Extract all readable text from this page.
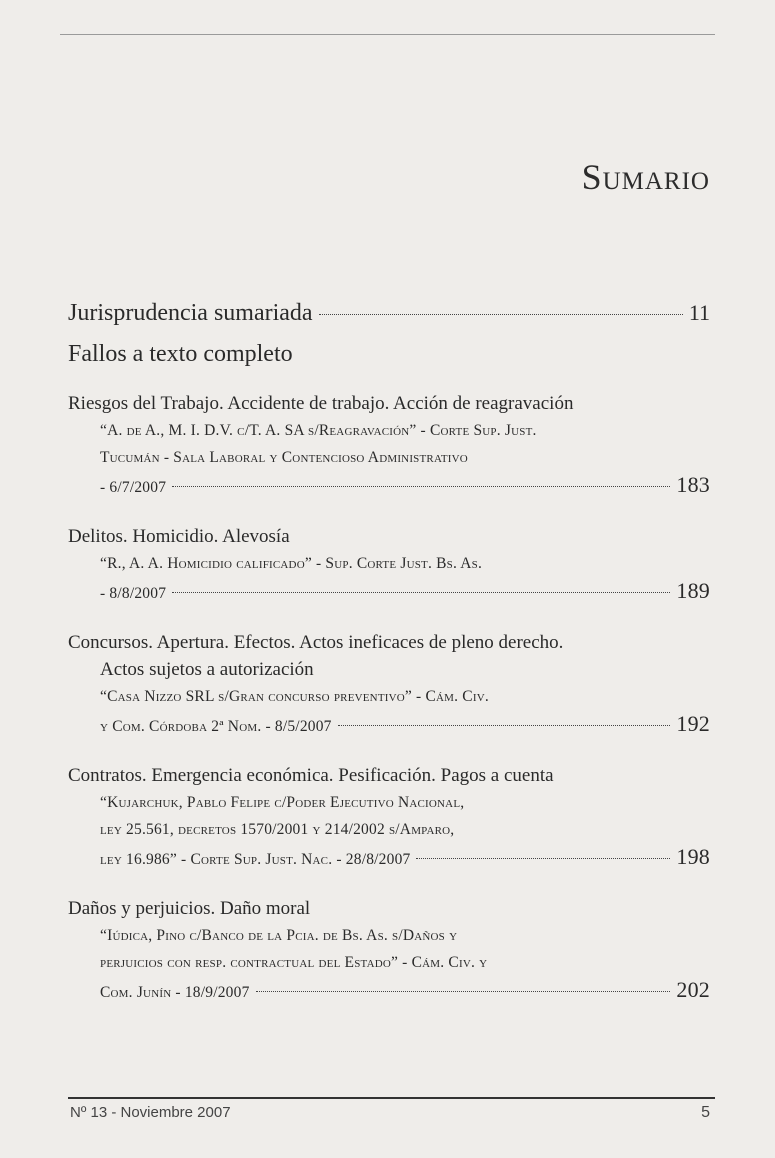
Sumario
Jurisprudencia sumariada	11
Fallos a texto completo
Riesgos del Trabajo. Accidente de trabajo. Acción de reagravación
“A. de A., M. I. D.V. c/T. A. SA s/Reagravación” - Corte Sup. Just.
Tucumán - Sala Laboral y Contencioso Administrativo
- 6/7/2007	183
Delitos. Homicidio. Alevosía
“R., A. A. Homicidio calificado” - Sup. Corte Just. Bs. As.
- 8/8/2007	189
Concursos. Apertura. Efectos. Actos ineficaces de pleno derecho.
Actos sujetos a autorización
“Casa Nizzo SRL s/Gran concurso preventivo” - Cám. Civ.
y Com. Córdoba 2ª Nom. - 8/5/2007	192
Contratos. Emergencia económica. Pesificación. Pagos a cuenta
“Kujarchuk, Pablo Felipe c/Poder Ejecutivo Nacional,
ley 25.561, decretos 1570/2001 y 214/2002 s/Amparo,
ley 16.986” - Corte Sup. Just. Nac. - 28/8/2007	198
Daños y perjuicios. Daño moral
“Iúdica, Pino c/Banco de la Pcia. de Bs. As. s/Daños y
perjuicios con resp. contractual del Estado” - Cám. Civ. y
Com. Junín - 18/9/2007	202
Nº 13 - Noviembre 2007	5
